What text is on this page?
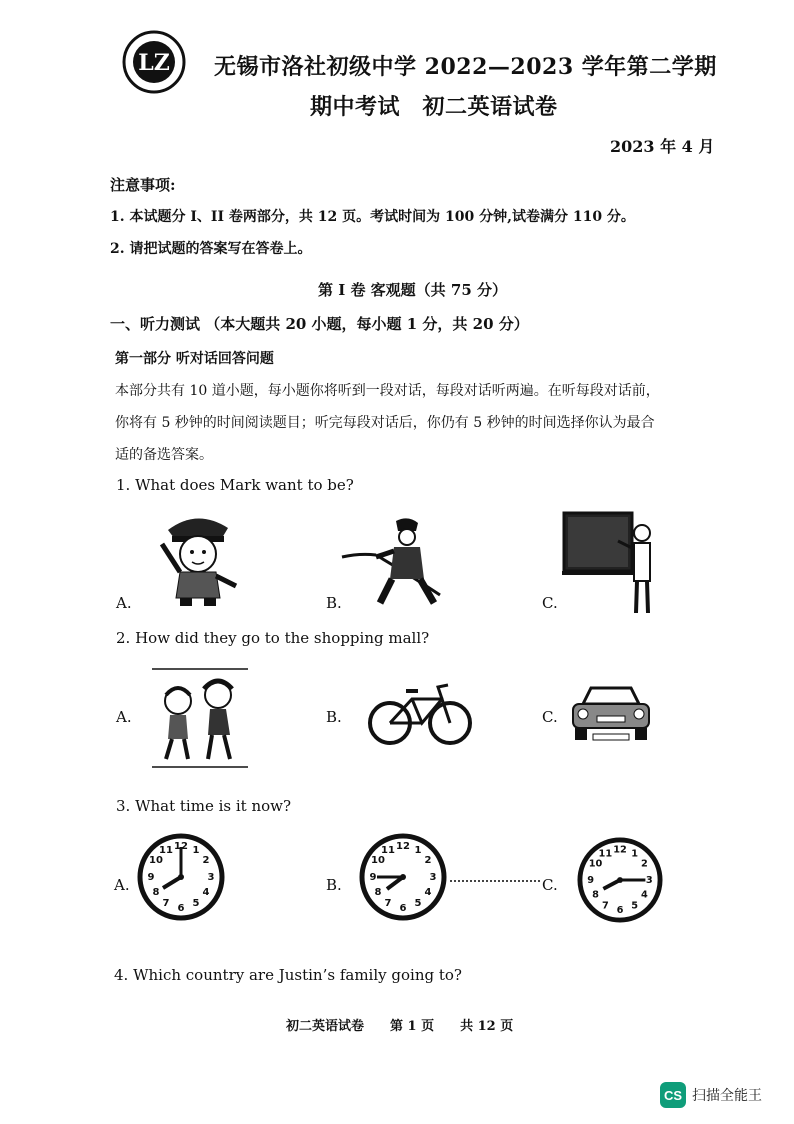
LZ 无锡市洛社初级中学 2022—2023 学年第二学期
期中考试　初二英语试卷
2023 年 4 月
注意事项:
1. 本试题分 I、II 卷两部分，共 12 页。考试时间为 100 分钟,试卷满分 110 分。
2. 请把试题的答案写在答卷上。
第 I 卷 客观题（共 75 分）
一、听力测试 （本大题共 20 小题，每小题 1 分，共 20 分）
第一部分 听对话回答问题
本部分共有 10 道小题，每小题你将听到一段对话，每段对话听两遍。在听每段对话前，
你将有 5 秒钟的时间阅读题目；听完每段对话后，你仍有 5 秒钟的时间选择你认为最合
适的备选答案。
1. What does Mark want to be?
A.	B.	C.
2. How did they go to the shopping mall?
A.	B.	C.
3. What time is it now?
A.	B.	C.
12 1
2
3
4
5
6
7
8
9
10
11	12 1
2
3
4
5
6
7
8
9
10
11	12 1
2
3
4
5
6
7
8
9
10
11
4. Which country are Justin’s family going to?
初二英语试卷　　第 1 页　　共 12 页
CS 扫描全能王
